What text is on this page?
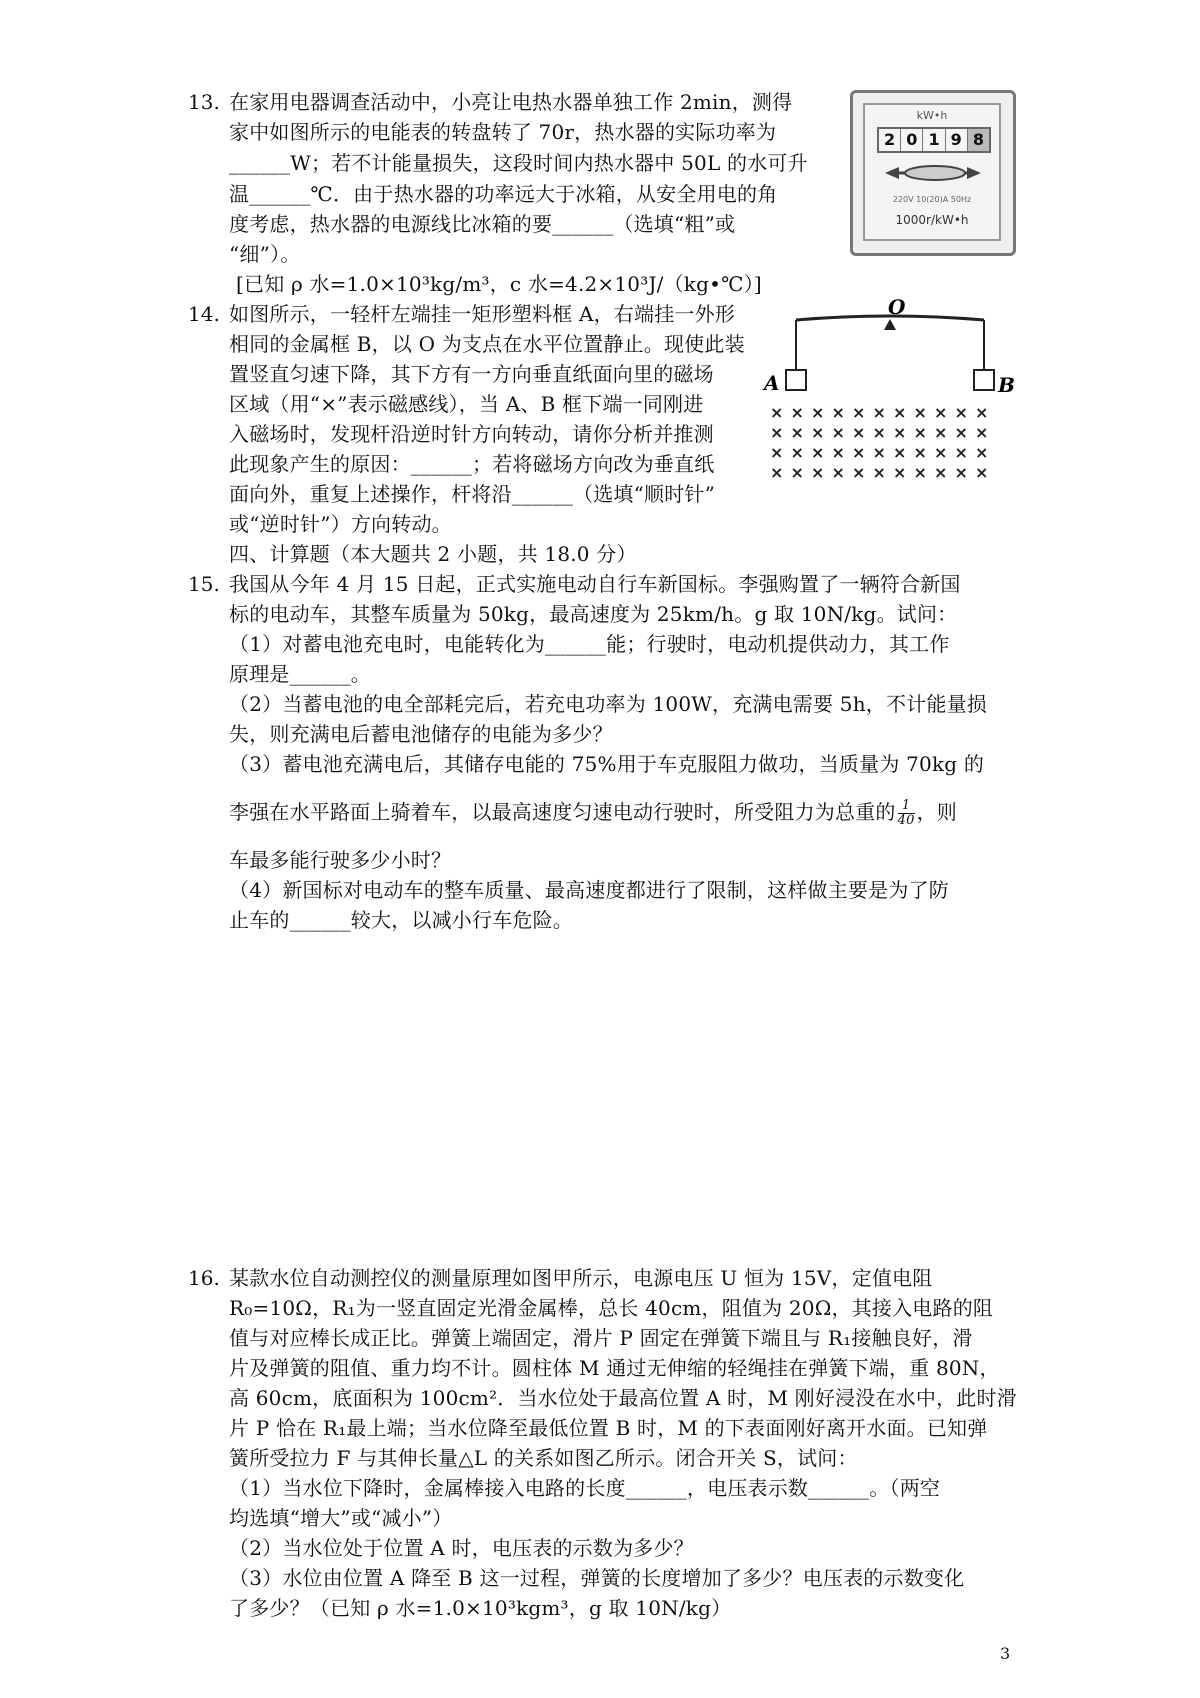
13. 在家用电器调查活动中，小亮让电热水器单独工作 2min，测得
家中如图所示的电能表的转盘转了 70r，热水器的实际功率为
______W；若不计能量损失，这段时间内热水器中 50L 的水可升
温______℃．由于热水器的功率远大于冰箱，从安全用电的角
度考虑，热水器的电源线比冰箱的要______（选填“粗”或
“细”）。
[已知 ρ 水=1.0×10³kg/m³，c 水=4.2×10³J/（kg•℃）]
kW•h
2 0 1 9 8
220V 10(20)A 50Hz
1000r/kW•h
14. 如图所示，一轻杆左端挂一矩形塑料框 A，右端挂一外形
相同的金属框 B，以 O 为支点在水平位置静止。现使此装
置竖直匀速下降，其下方有一方向垂直纸面向里的磁场
区域（用“×”表示磁感线），当 A、B 框下端一同刚进
入磁场时，发现杆沿逆时针方向转动，请你分析并推测
此现象产生的原因：______；若将磁场方向改为垂直纸
面向外，重复上述操作，杆将沿______（选填“顺时针”
或“逆时针”）方向转动。
O
A	B
× × × × × × × × × × ×
× × × × × × × × × × ×
× × × × × × × × × × ×
× × × × × × × × × × ×
四、计算题（本大题共 2 小题，共 18.0 分）
15. 我国从今年 4 月 15 日起，正式实施电动自行车新国标。李强购置了一辆符合新国
标的电动车，其整车质量为 50kg，最高速度为 25km/h。g 取 10N/kg。试问：
（1）对蓄电池充电时，电能转化为______能；行驶时，电动机提供动力，其工作
原理是______。
（2）当蓄电池的电全部耗完后，若充电功率为 100W，充满电需要 5h，不计能量损
失，则充满电后蓄电池储存的电能为多少？
（3）蓄电池充满电后，其储存电能的 75%用于车克服阻力做功，当质量为 70kg 的
李强在水平路面上骑着车，以最高速度匀速电动行驶时，所受阻力为总重的 $\frac{1}{40}$ ，则
车最多能行驶多少小时？
（4）新国标对电动车的整车质量、最高速度都进行了限制，这样做主要是为了防
止车的______较大，以减小行车危险。
16. 某款水位自动测控仪的测量原理如图甲所示，电源电压 U 恒为 15V，定值电阻
R₀=10Ω，R₁为一竖直固定光滑金属棒，总长 40cm，阻值为 20Ω，其接入电路的阻
值与对应棒长成正比。弹簧上端固定，滑片 P 固定在弹簧下端且与 R₁接触良好，滑
片及弹簧的阻值、重力均不计。圆柱体 M 通过无伸缩的轻绳挂在弹簧下端，重 80N，
高 60cm，底面积为 100cm²．当水位处于最高位置 A 时，M 刚好浸没在水中，此时滑
片 P 恰在 R₁最上端；当水位降至最低位置 B 时，M 的下表面刚好离开水面。已知弹
簧所受拉力 F 与其伸长量△L 的关系如图乙所示。闭合开关 S，试问：
（1）当水位下降时，金属棒接入电路的长度______，电压表示数______。（两空
均选填“增大”或“减小”）
（2）当水位处于位置 A 时，电压表的示数为多少？
（3）水位由位置 A 降至 B 这一过程，弹簧的长度增加了多少？电压表的示数变化
了多少？（已知 ρ 水=1.0×10³kgm³，g 取 10N/kg）
3
